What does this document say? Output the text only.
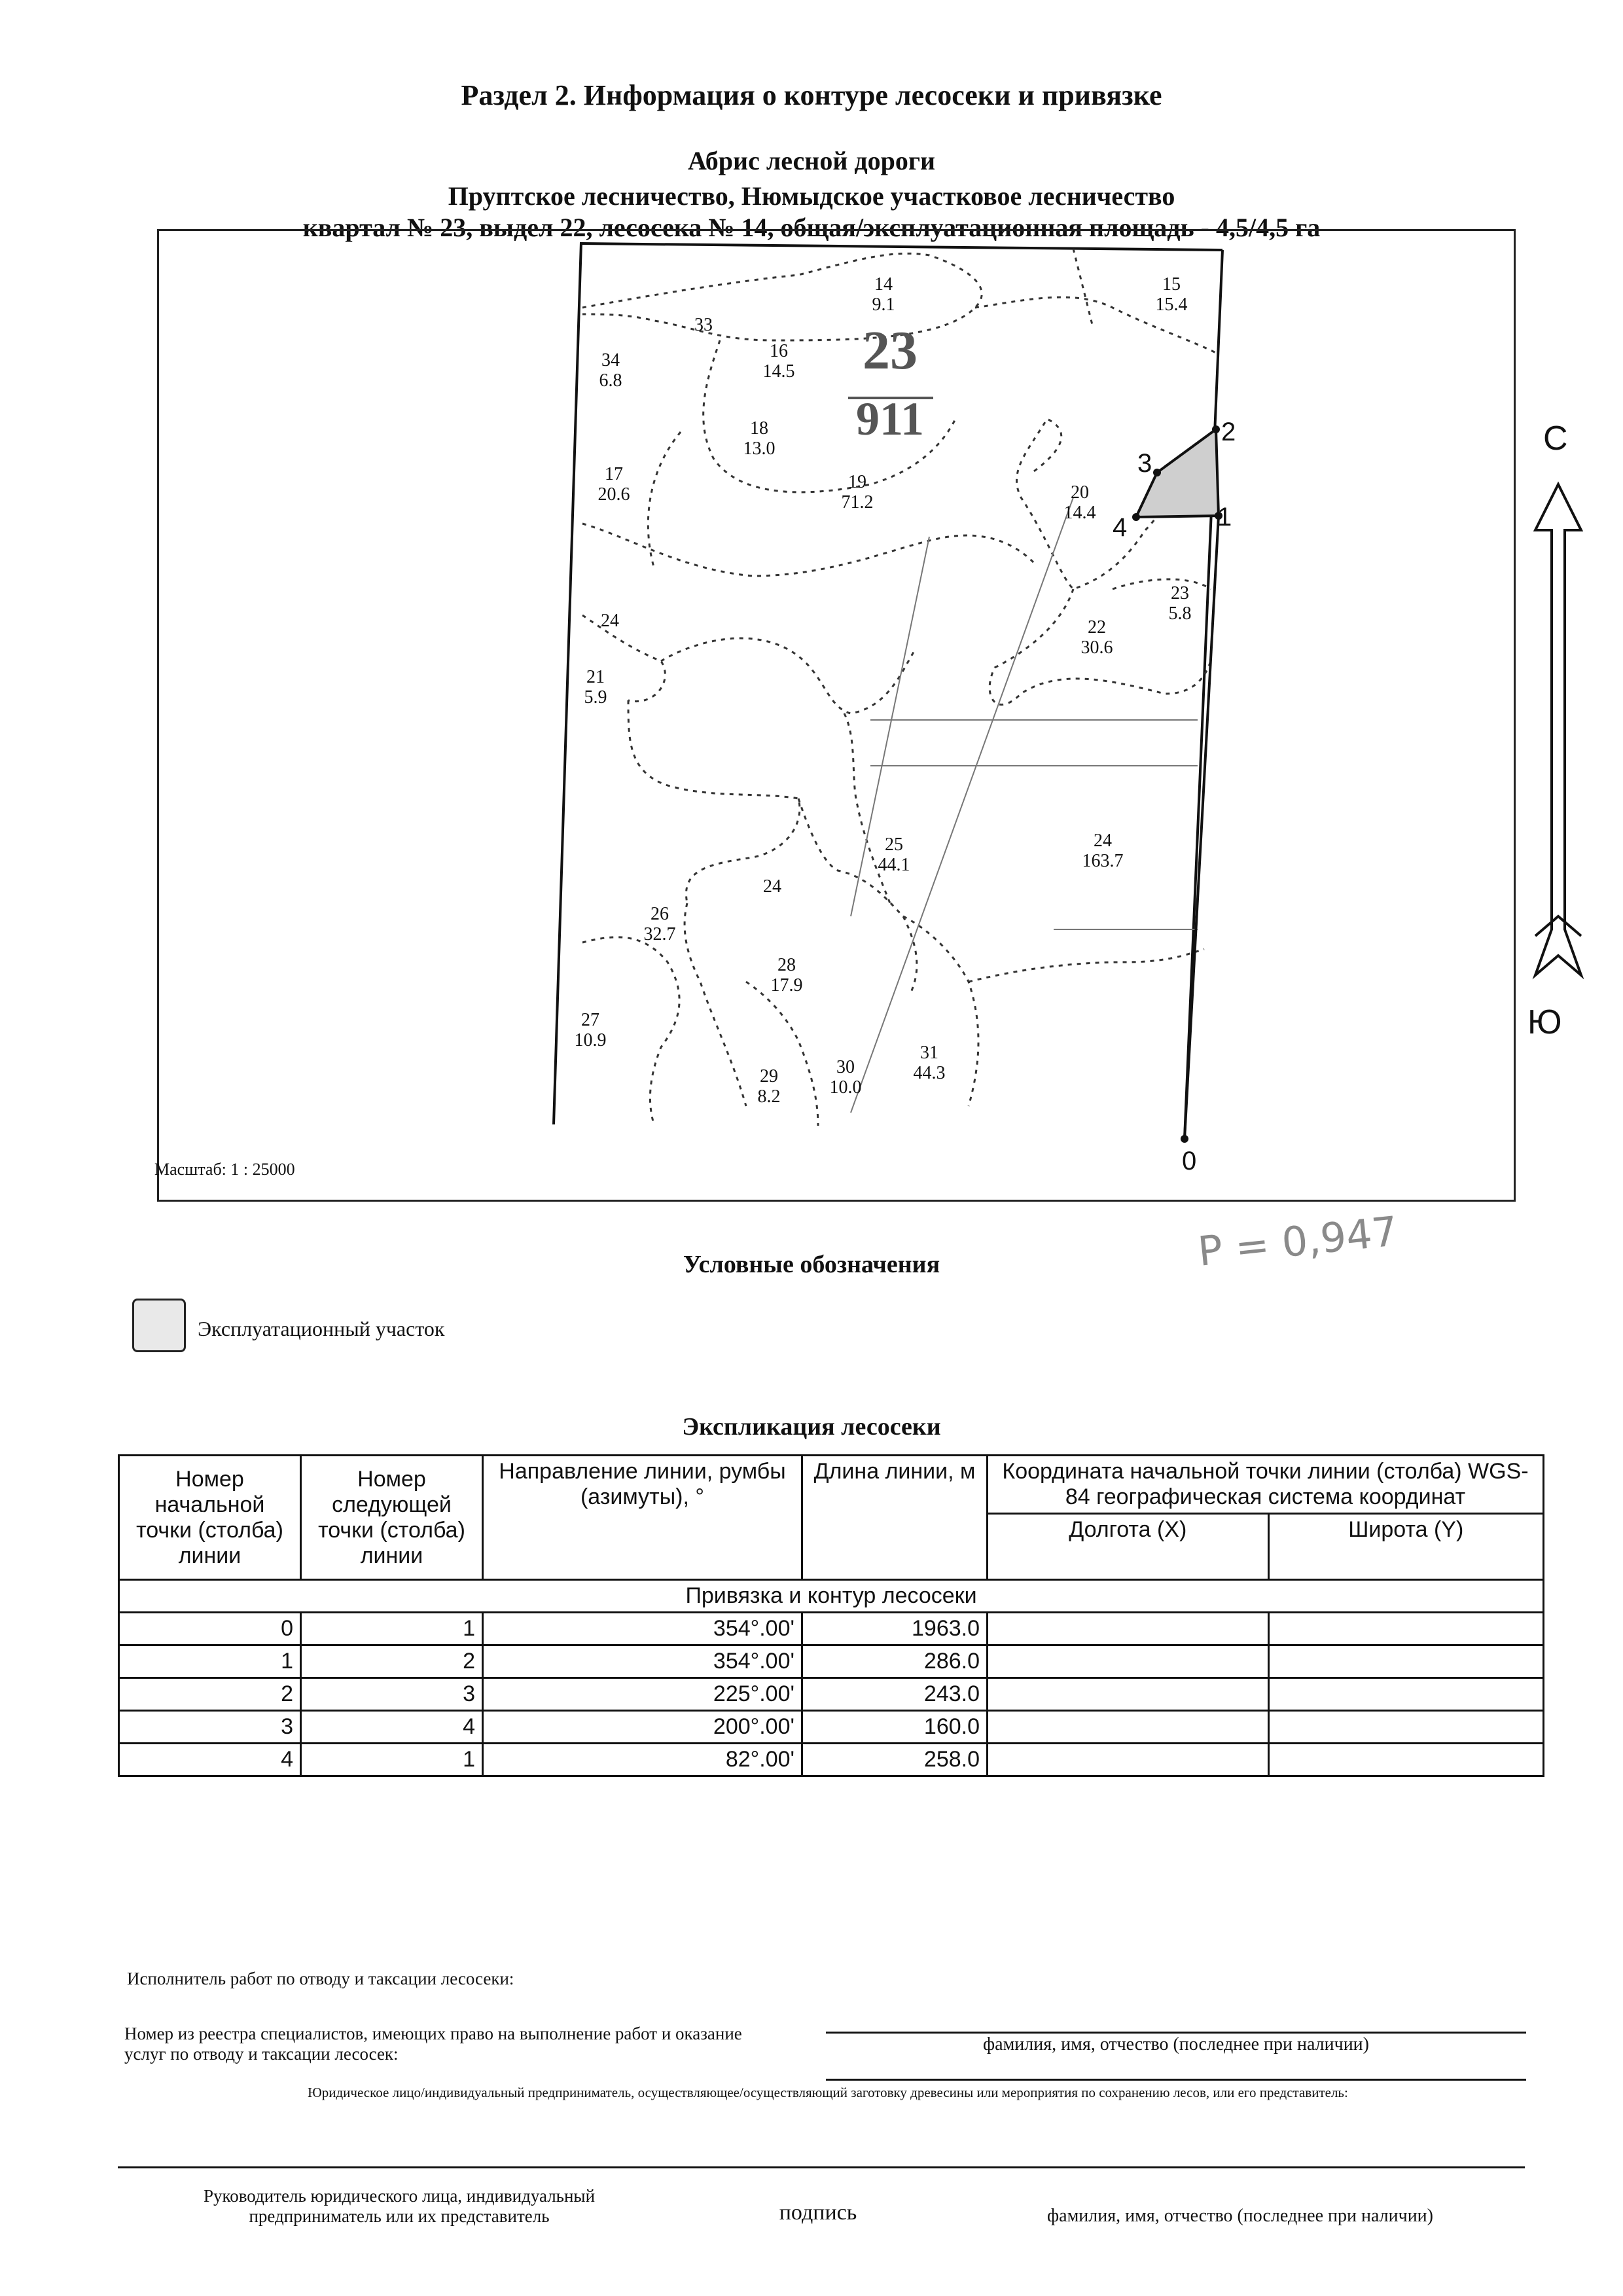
Раздел 2. Информация о контуре лесосеки и привязке
Абрис лесной дороги
Пруптское лесничество, Нюмыдское участковое лесничество
квартал № 23, выдел 22, лесосека № 14, общая/эксплуатационная площадь - 4,5/4,5 га
Масштаб: 1 : 25000	0
1
2
3
4
23
911
14
9.1
15
15.4
33
16
14.5
34
6.8
18
13.0
17
20.6
19
71.2	20
14.4
23
5.8
22
30.6
24
21
5.9
25
44.1
24
163.7
24
26
32.7
28
17.9
27
10.9
29
8.2
30
10.0
31
44.3
С
Ю
Р = 0,947
Условные обозначения
Эксплуатационный участок
Экспликация лесосеки
Номер начальной точки (столба) линии	Номер следующей точки (столба) линии	Направление линии, румбы (азимуты), °	Длина линии, м	Координата начальной точки линии (столба) WGS-84 географическая система координат	
				Долгота (X)	Широта (Y)
Привязка и контур лесосеки					
0	1	354°.00'	1963.0		
1	2	354°.00'	286.0		
2	3	225°.00'	243.0		
3	4	200°.00'	160.0		
4	1	82°.00'	258.0		
Исполнитель работ по отводу и таксации лесосеки:
фамилия, имя, отчество (последнее при наличии)
Номер из реестра специалистов, имеющих право на выполнение работ и оказание услуг по отводу и таксации лесосек:
Юридическое лицо/индивидуальный предприниматель, осуществляющее/осуществляющий заготовку древесины или мероприятия по сохранению лесов, или его представитель:
Руководитель юридического лица, индивидуальный предприниматель или их представитель	подпись	фамилия, имя, отчество (последнее при наличии)
